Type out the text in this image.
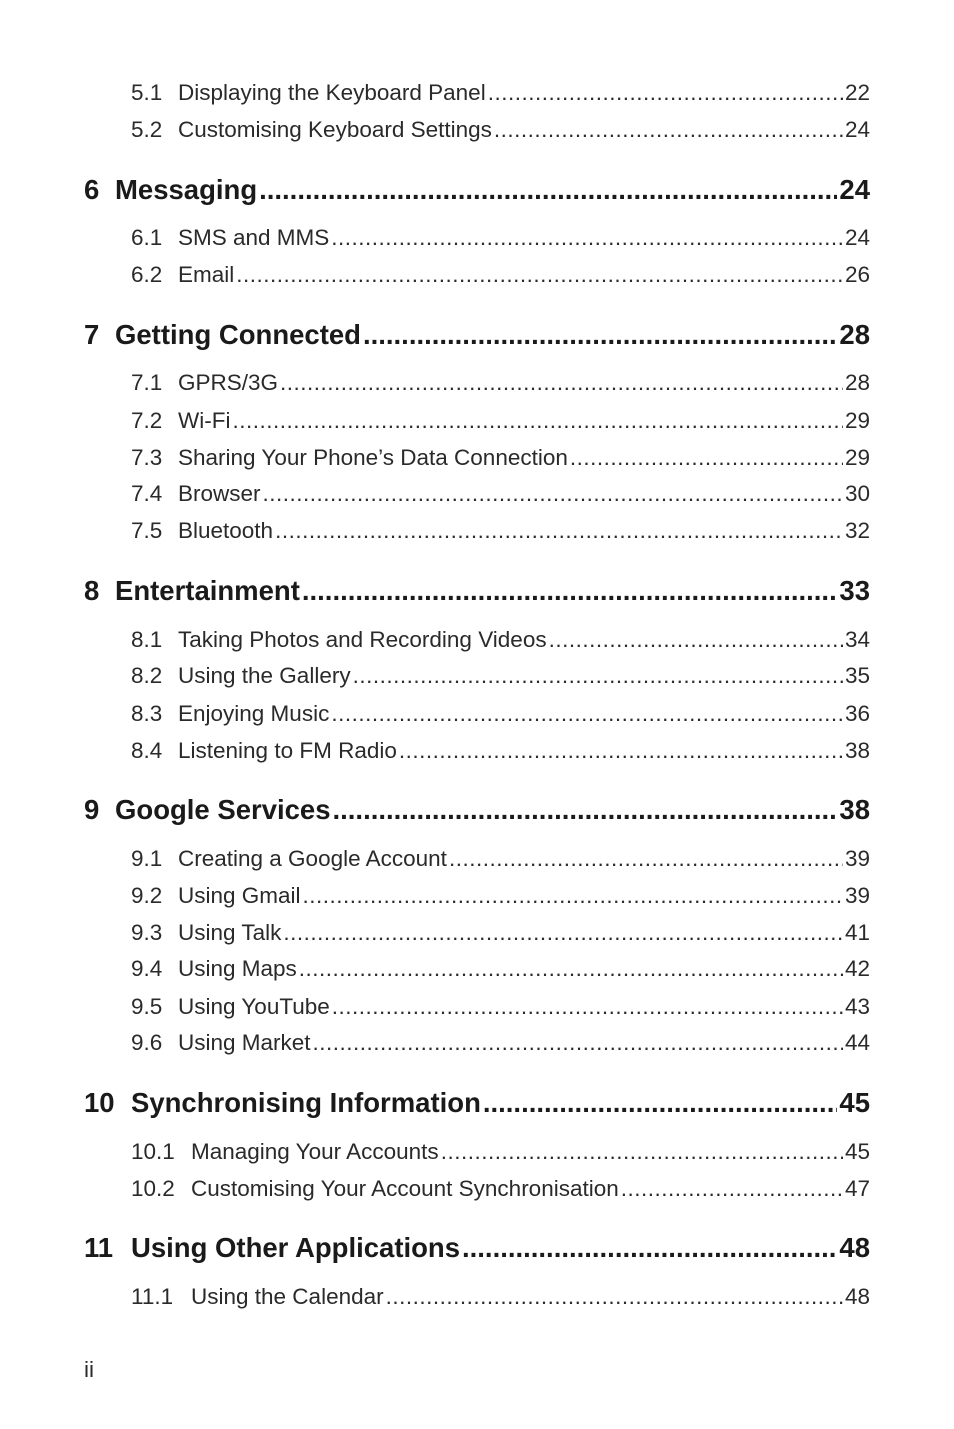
5.1 Displaying the Keyboard Panel .....	22
5.2 Customising Keyboard Settings .....	24
6 Messaging .....	24
6.1 SMS and MMS .....	24
6.2 Email .....	26
7 Getting Connected .....	28
7.1 GPRS/3G .....	28
7.2 Wi-Fi .....	29
7.3 Sharing Your Phone’s Data Connection .....	29
7.4 Browser .....	30
7.5 Bluetooth .....	32
8 Entertainment .....	33
8.1 Taking Photos and Recording Videos .....	34
8.2 Using the Gallery .....	35
8.3 Enjoying Music .....	36
8.4 Listening to FM Radio .....	38
9 Google Services .....	38
9.1 Creating a Google Account .....	39
9.2 Using Gmail .....	39
9.3 Using Talk .....	41
9.4 Using Maps .....	42
9.5 Using YouTube .....	43
9.6 Using Market .....	44
10 Synchronising Information .....	45
10.1 Managing Your Accounts .....	45
10.2 Customising Your Account Synchronisation .....	47
11 Using Other Applications .....	48
11.1 Using the Calendar .....	48
ii
